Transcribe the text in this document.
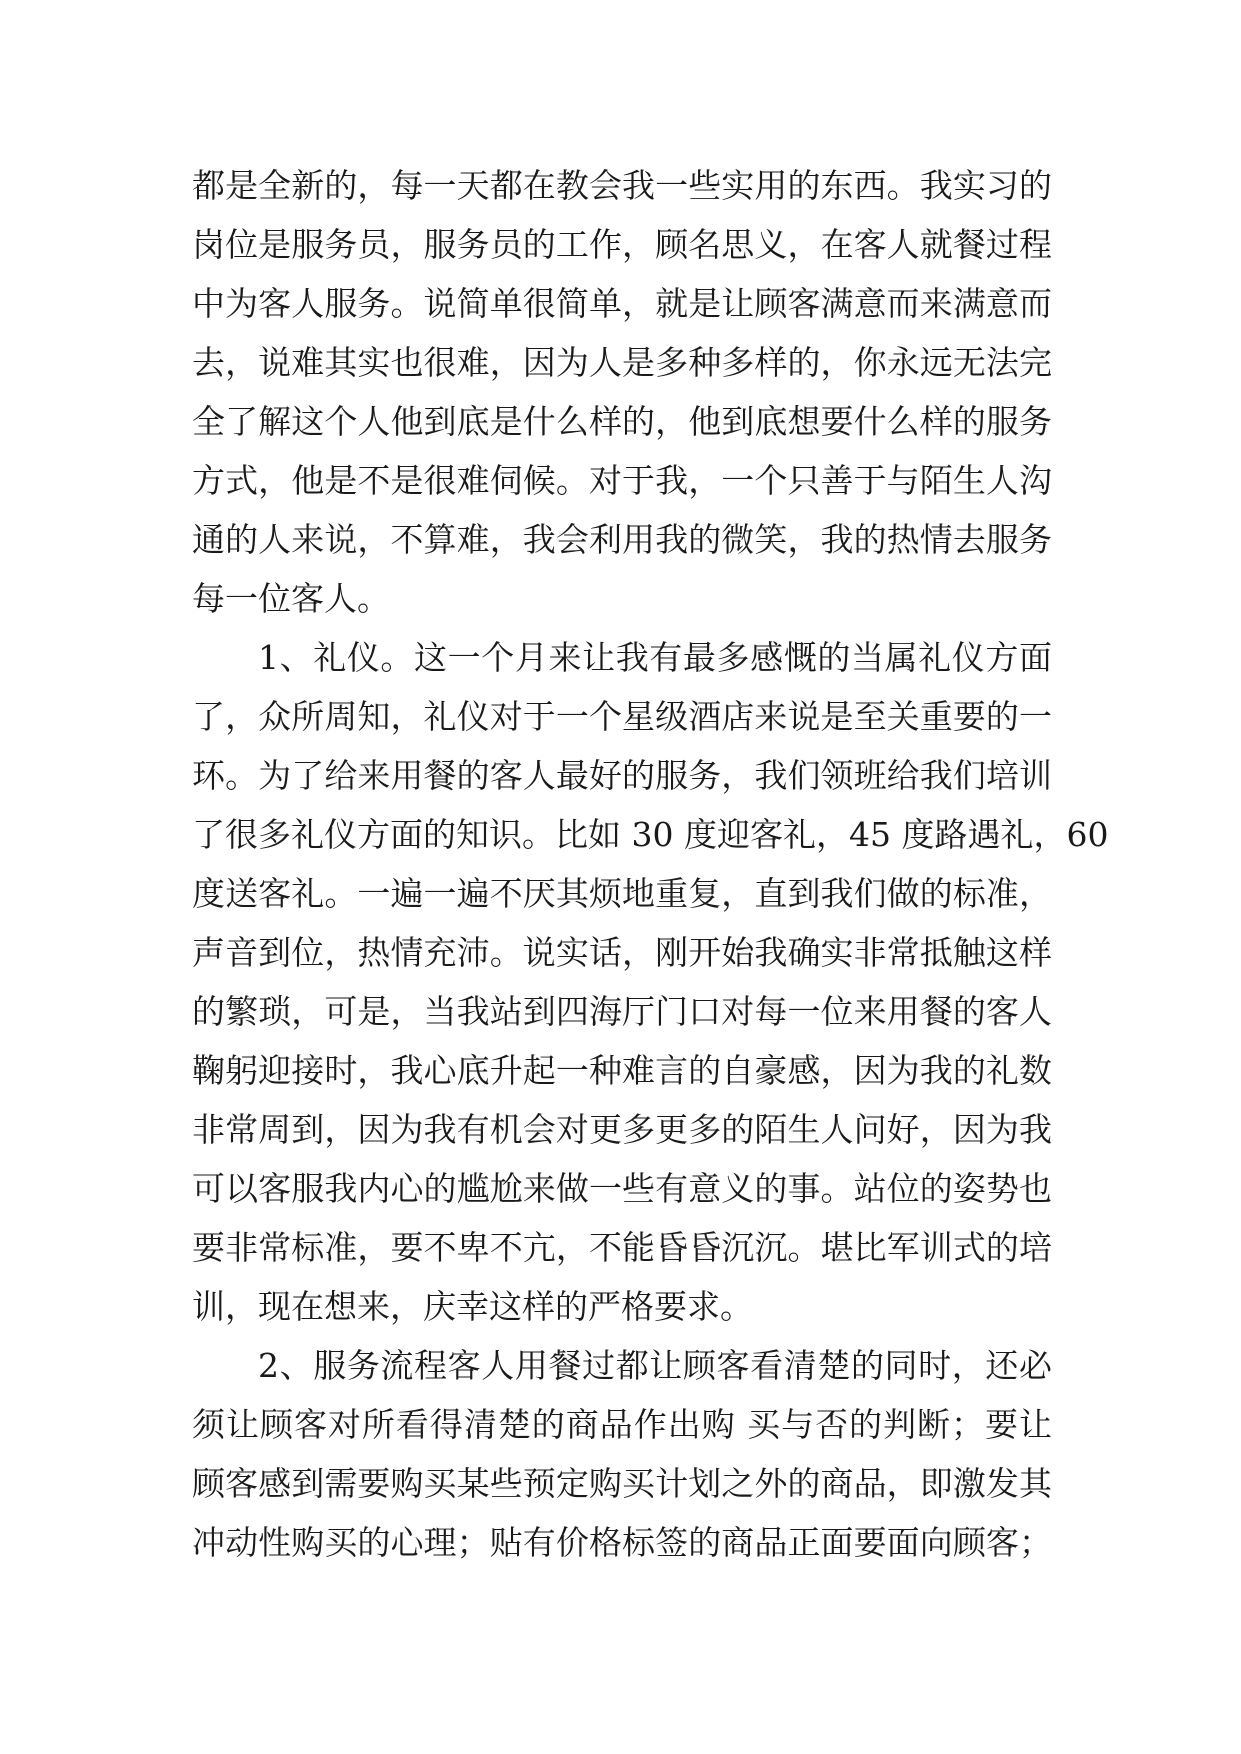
都是全新的，每一天都在教会我一些实用的东西。我实习的
岗位是服务员，服务员的工作，顾名思义，在客人就餐过程
中为客人服务。说简单很简单，就是让顾客满意而来满意而
去，说难其实也很难，因为人是多种多样的，你永远无法完
全了解这个人他到底是什么样的，他到底想要什么样的服务
方式，他是不是很难伺候。对于我，一个只善于与陌生人沟
通的人来说，不算难，我会利用我的微笑，我的热情去服务
每一位客人。
1、礼仪。这一个月来让我有最多感慨的当属礼仪方面
了，众所周知，礼仪对于一个星级酒店来说是至关重要的一
环。为了给来用餐的客人最好的服务，我们领班给我们培训
了很多礼仪方面的知识。比如 30 度迎客礼，45 度路遇礼，60
度送客礼。一遍一遍不厌其烦地重复，直到我们做的标准，
声音到位，热情充沛。说实话，刚开始我确实非常抵触这样
的繁琐，可是，当我站到四海厅门口对每一位来用餐的客人
鞠躬迎接时，我心底升起一种难言的自豪感，因为我的礼数
非常周到，因为我有机会对更多更多的陌生人问好，因为我
可以客服我内心的尴尬来做一些有意义的事。站位的姿势也
要非常标准，要不卑不亢，不能昏昏沉沉。堪比军训式的培
训，现在想来，庆幸这样的严格要求。
2、服务流程客人用餐过都让顾客看清楚的同时，还必
须让顾客对所看得清楚的商品作出购 买与否的判断；要让
顾客感到需要购买某些预定购买计划之外的商品，即激发其
冲动性购买的心理；贴有价格标签的商品正面要面向顾客；
